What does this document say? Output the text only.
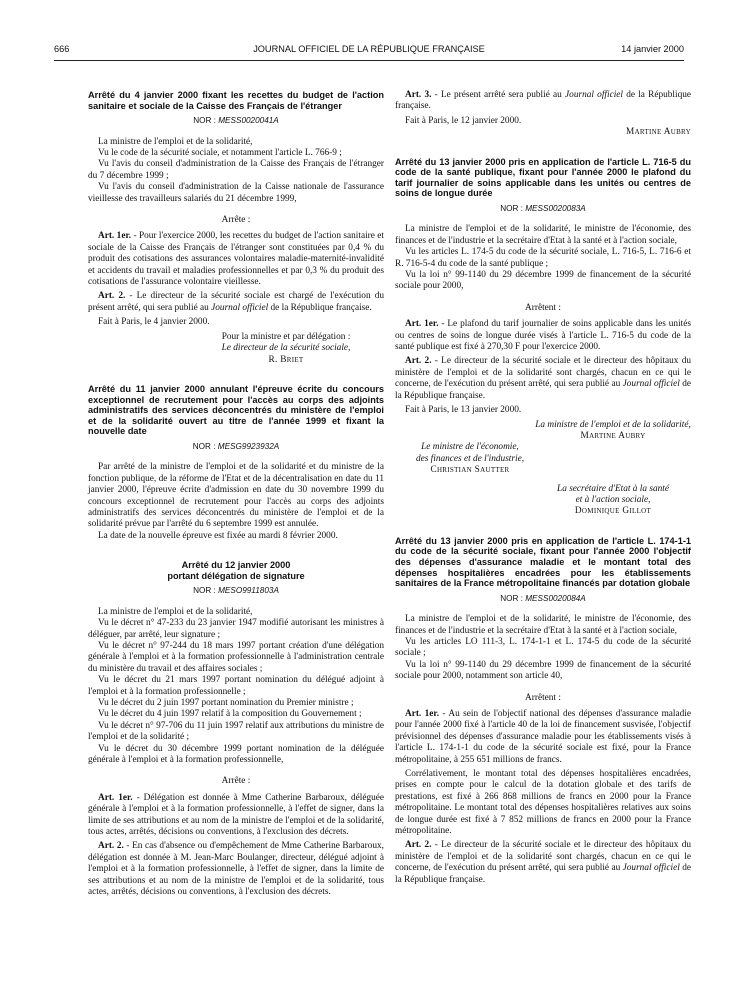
666	JOURNAL OFFICIEL DE LA RÉPUBLIQUE FRANÇAISE	14 janvier 2000
Arrêté du 4 janvier 2000 fixant les recettes du budget de l'action sanitaire et sociale de la Caisse des Français de l'étranger
NOR : MESS0020041A

La ministre de l'emploi et de la solidarité,

Vu le code de la sécurité sociale, et notamment l'article L. 766-9 ;

Vu l'avis du conseil d'administration de la Caisse des Français de l'étranger du 7 décembre 1999 ;

Vu l'avis du conseil d'administration de la Caisse nationale de l'assurance vieillesse des travailleurs salariés du 21 décembre 1999,

Arrête :

Art. 1er. - Pour l'exercice 2000, les recettes du budget de l'action sanitaire et sociale de la Caisse des Français de l'étranger sont constituées par 0,4 % du produit des cotisations des assurances volontaires maladie-maternité-invalidité et accidents du travail et maladies professionnelles et par 0,3 % du produit des cotisations de l'assurance volontaire vieillesse.

Art. 2. - Le directeur de la sécurité sociale est chargé de l'exécution du présent arrêté, qui sera publié au Journal officiel de la République française.

Fait à Paris, le 4 janvier 2000.

Pour la ministre et par délégation :

Le directeur de la sécurité sociale,

R. Briet

Arrêté du 11 janvier 2000 annulant l'épreuve écrite du concours exceptionnel de recrutement pour l'accès au corps des adjoints administratifs des services déconcentrés du ministère de l'emploi et de la solidarité ouvert au titre de l'année 1999 et fixant la nouvelle date
NOR : MESG9923932A

Par arrêté de la ministre de l'emploi et de la solidarité et du ministre de la fonction publique, de la réforme de l'Etat et de la décentralisation en date du 11 janvier 2000, l'épreuve écrite d'admission en date du 30 novembre 1999 du concours exceptionnel de recrutement pour l'accès au corps des adjoints administratifs des services déconcentrés du ministère de l'emploi et de la solidarité prévue par l'arrêté du 6 septembre 1999 est annulée.

La date de la nouvelle épreuve est fixée au mardi 8 février 2000.

Arrêté du 12 janvier 2000
portant délégation de signature
NOR : MESO9911803A

La ministre de l'emploi et de la solidarité,

Vu le décret n° 47-233 du 23 janvier 1947 modifié autorisant les ministres à déléguer, par arrêté, leur signature ;

Vu le décret n° 97-244 du 18 mars 1997 portant création d'une délégation générale à l'emploi et à la formation professionnelle à l'administration centrale du ministère du travail et des affaires sociales ;

Vu le décret du 21 mars 1997 portant nomination du délégué adjoint à l'emploi et à la formation professionnelle ;

Vu le décret du 2 juin 1997 portant nomination du Premier ministre ;

Vu le décret du 4 juin 1997 relatif à la composition du Gouvernement ;

Vu le décret n° 97-706 du 11 juin 1997 relatif aux attributions du ministre de l'emploi et de la solidarité ;

Vu le décret du 30 décembre 1999 portant nomination de la déléguée générale à l'emploi et à la formation professionnelle,

Arrête :

Art. 1er. - Délégation est donnée à Mme Catherine Barbaroux, déléguée générale à l'emploi et à la formation professionnelle, à l'effet de signer, dans la limite de ses attributions et au nom de la ministre de l'emploi et de la solidarité, tous actes, arrêtés, décisions ou conventions, à l'exclusion des décrets.

Art. 2. - En cas d'absence ou d'empêchement de Mme Catherine Barbaroux, délégation est donnée à M. Jean-Marc Boulanger, directeur, délégué adjoint à l'emploi et à la formation professionnelle, à l'effet de signer, dans la limite de ses attributions et au nom de la ministre de l'emploi et de la solidarité, tous actes, arrêtés, décisions ou conventions, à l'exclusion des décrets.

Art. 3. - Le présent arrêté sera publié au Journal officiel de la République française.

Fait à Paris, le 12 janvier 2000.

Martine Aubry

Arrêté du 13 janvier 2000 pris en application de l'article L. 716-5 du code de la santé publique, fixant pour l'année 2000 le plafond du tarif journalier de soins applicable dans les unités ou centres de soins de longue durée
NOR : MESS0020083A

La ministre de l'emploi et de la solidarité, le ministre de l'économie, des finances et de l'industrie et la secrétaire d'Etat à la santé et à l'action sociale,

Vu les articles L. 174-5 du code de la sécurité sociale, L. 716-5, L. 716-6 et R. 716-5-4 du code de la santé publique ;

Vu la loi n° 99-1140 du 29 décembre 1999 de financement de la sécurité sociale pour 2000,

Arrêtent :

Art. 1er. - Le plafond du tarif journalier de soins applicable dans les unités ou centres de soins de longue durée visés à l'article L. 716-5 du code de la santé publique est fixé à 270,30 F pour l'exercice 2000.

Art. 2. - Le directeur de la sécurité sociale et le directeur des hôpitaux du ministère de l'emploi et de la solidarité sont chargés, chacun en ce qui le concerne, de l'exécution du présent arrêté, qui sera publié au Journal officiel de la République française.

Fait à Paris, le 13 janvier 2000.

La ministre de l'emploi et de la solidarité,

Martine Aubry

Le ministre de l'économie,

des finances et de l'industrie,

Christian Sautter

La secrétaire d'Etat à la santé

et à l'action sociale,

Dominique Gillot

Arrêté du 13 janvier 2000 pris en application de l'article L. 174-1-1 du code de la sécurité sociale, fixant pour l'année 2000 l'objectif des dépenses d'assurance maladie et le montant total des dépenses hospitalières encadrées pour les établissements sanitaires de la France métropolitaine financés par dotation globale
NOR : MESS0020084A

La ministre de l'emploi et de la solidarité, le ministre de l'économie, des finances et de l'industrie et la secrétaire d'Etat à la santé et à l'action sociale,

Vu les articles LO 111-3, L. 174-1-1 et L. 174-5 du code de la sécurité sociale ;

Vu la loi n° 99-1140 du 29 décembre 1999 de financement de la sécurité sociale pour 2000, notamment son article 40,

Arrêtent :

Art. 1er. - Au sein de l'objectif national des dépenses d'assurance maladie pour l'année 2000 fixé à l'article 40 de la loi de financement susvisée, l'objectif prévisionnel des dépenses d'assurance maladie pour les établissements visés à l'article L. 174-1-1 du code de la sécurité sociale est fixé, pour la France métropolitaine, à 255 651 millions de francs.

Corrélativement, le montant total des dépenses hospitalières encadrées, prises en compte pour le calcul de la dotation globale et des tarifs de prestations, est fixé à 266 868 millions de francs en 2000 pour la France métropolitaine. Le montant total des dépenses hospitalières relatives aux soins de longue durée est fixé à 7 852 millions de francs en 2000 pour la France métropolitaine.

Art. 2. - Le directeur de la sécurité sociale et le directeur des hôpitaux du ministère de l'emploi et de la solidarité sont chargés, chacun en ce qui le concerne, de l'exécution du présent arrêté, qui sera publié au Journal officiel de la République française.
